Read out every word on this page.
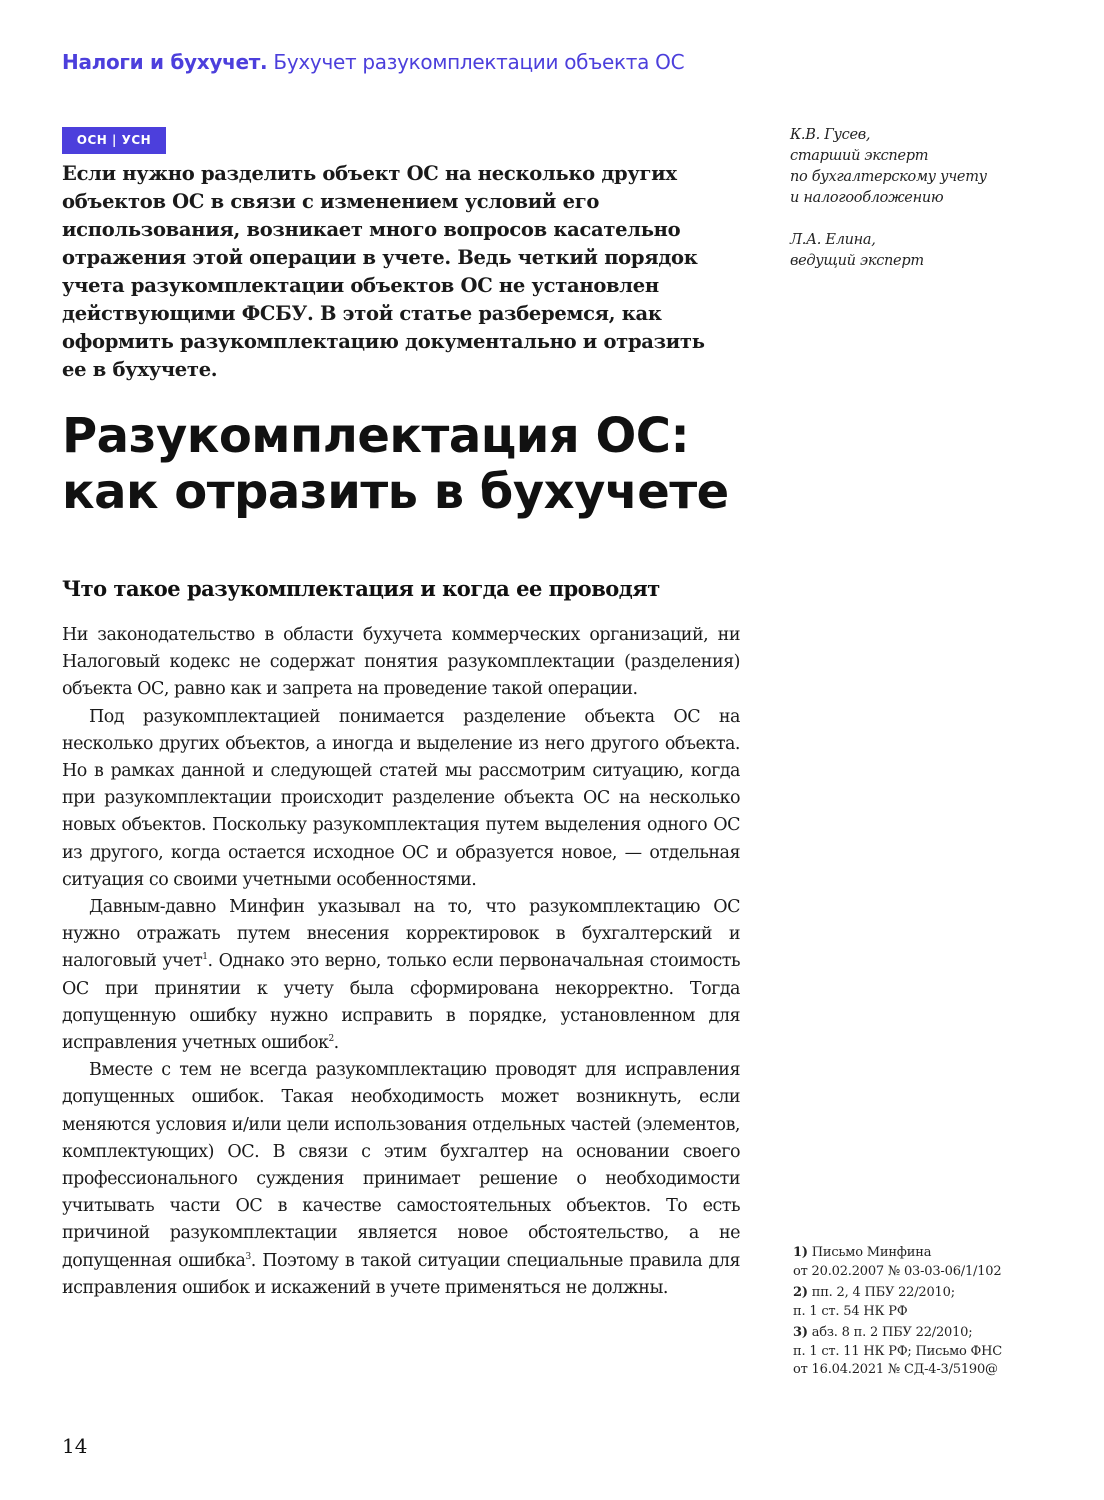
Налоги и бухучет. Бухучет разукомплектации объекта ОС
ОСН | УСН
Если нужно разделить объект ОС на несколько других объектов ОС в связи с изменением условий его использования, возникает много вопросов касательно отражения этой операции в учете. Ведь четкий порядок учета разукомплектации объектов ОС не установлен действующими ФСБУ. В этой статье разберемся, как оформить разукомплектацию документально и отразить ее в бухучете.
К.В. Гусев,
старший эксперт
по бухгалтерскому учету
и налогообложению
Л.А. Елина,
ведущий эксперт
Разукомплектация ОС:
как отразить в бухучете
Что такое разукомплектация и когда ее проводят

Ни законодательство в области бухучета коммерческих организаций, ни Налоговый кодекс не содержат понятия разукомплектации (разделения) объекта ОС, равно как и запрета на проведение такой операции.

Под разукомплектацией понимается разделение объекта ОС на несколько других объектов, а иногда и выделение из него другого объекта. Но в рамках данной и следующей статей мы рассмотрим ситуацию, когда при разукомплектации происходит разделение объекта ОС на несколько новых объектов. Поскольку разукомплектация путем выделения одного ОС из другого, когда остается исходное ОС и образуется новое, — отдельная ситуация со своими учетными особенностями.

Давным-давно Минфин указывал на то, что разукомплектацию ОС нужно отражать путем внесения корректировок в бухгалтерский и налоговый учет$^1$. Однако это верно, только если первоначальная стоимость ОС при принятии к учету была сформирована некорректно. Тогда допущенную ошибку нужно исправить в порядке, установленном для исправления учетных ошибок$^2$.

Вместе с тем не всегда разукомплектацию проводят для исправления допущенных ошибок. Такая необходимость может возникнуть, если меняются условия и/или цели использования отдельных частей (элементов, комплектующих) ОС. В связи с этим бухгалтер на основании своего профессионального суждения принимает решение о необходимости учитывать части ОС в качестве самостоятельных объектов. То есть причиной разукомплектации является новое обстоятельство, а не допущенная ошибка$^3$. Поэтому в такой ситуации специальные правила для исправления ошибок и искажений в учете применяться не должны.

1) Письмо Минфина
от 20.02.2007 № 03-03-06/1/102
2) пп. 2, 4 ПБУ 22/2010;
п. 1 ст. 54 НК РФ
3) абз. 8 п. 2 ПБУ 22/2010;
п. 1 ст. 11 НК РФ; Письмо ФНС
от 16.04.2021 № СД-4-3/5190@
14
